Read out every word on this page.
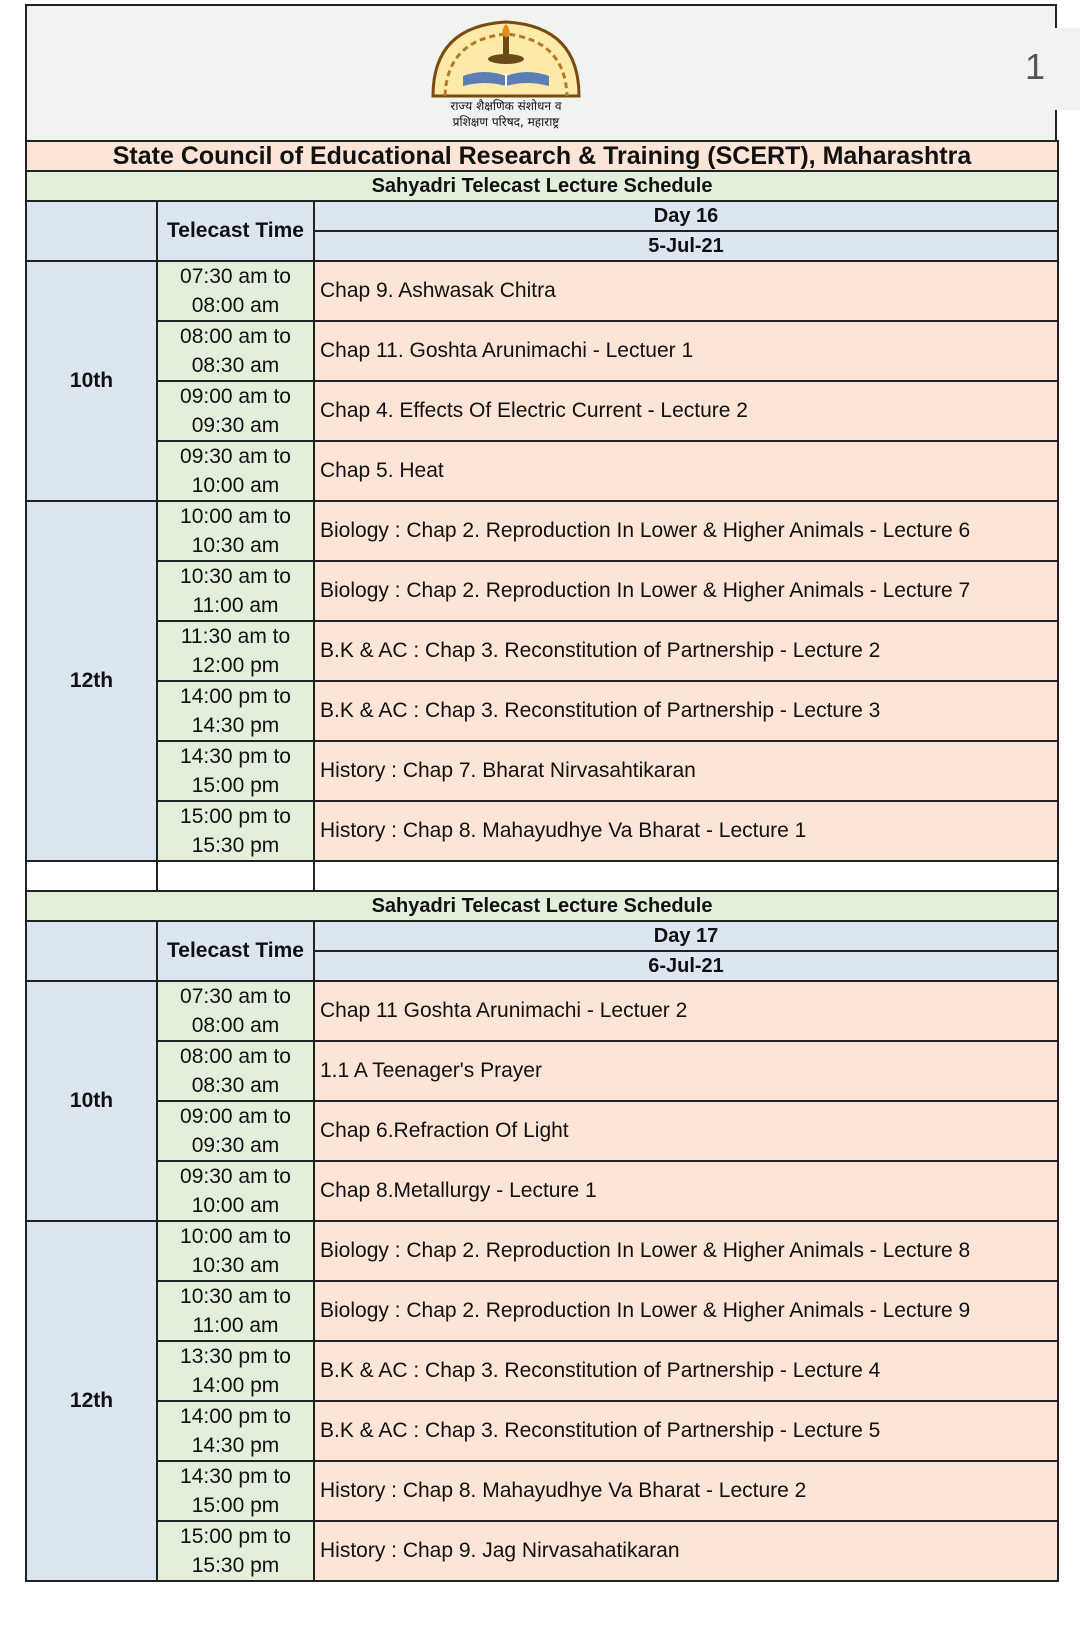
राज्य शैक्षणिक संशोधन व
प्रशिक्षण परिषद, महाराष्ट्र
State Council of Educational Research & Training (SCERT), Maharashtra		
Sahyadri Telecast Lecture Schedule		
	Telecast Time	Day 16
		5-Jul-21
10th	07:30 am to
08:00 am	Chap 9. Ashwasak Chitra

	08:00 am to
08:30 am	Chap 11. Goshta Arunimachi - Lectuer 1

	09:00 am to
09:30 am	Chap 4. Effects Of Electric Current - Lecture 2

	09:30 am to
10:00 am	Chap 5. Heat
12th	10:00 am to
10:30 am	Biology : Chap 2. Reproduction In Lower & Higher Animals - Lecture 6

	10:30 am to
11:00 am	Biology : Chap 2. Reproduction In Lower & Higher Animals - Lecture 7

	11:30 am to
12:00 pm	B.K & AC : Chap 3. Reconstitution of Partnership - Lecture 2

	14:00 pm to
14:30 pm	B.K & AC : Chap 3. Reconstitution of Partnership - Lecture 3

	14:30 pm to
15:00 pm	History : Chap 7. Bharat Nirvasahtikaran

	15:00 pm to
15:30 pm	History : Chap 8. Mahayudhye Va Bharat - Lecture 1

Sahyadri Telecast Lecture Schedule		
	Telecast Time	Day 17
		6-Jul-21
10th	07:30 am to
08:00 am	Chap 11 Goshta Arunimachi - Lectuer 2

	08:00 am to
08:30 am	1.1 A Teenager's Prayer

	09:00 am to
09:30 am	Chap 6.Refraction Of Light

	09:30 am to
10:00 am	Chap 8.Metallurgy - Lecture 1
12th	10:00 am to
10:30 am	Biology : Chap 2. Reproduction In Lower & Higher Animals - Lecture 8

	10:30 am to
11:00 am	Biology : Chap 2. Reproduction In Lower & Higher Animals - Lecture 9

	13:30 pm to
14:00 pm	B.K & AC : Chap 3. Reconstitution of Partnership - Lecture 4

	14:00 pm to
14:30 pm	B.K & AC : Chap 3. Reconstitution of Partnership - Lecture 5

	14:30 pm to
15:00 pm	History : Chap 8. Mahayudhye Va Bharat - Lecture 2

	15:00 pm to
15:30 pm	History : Chap 9. Jag Nirvasahatikaran
1
